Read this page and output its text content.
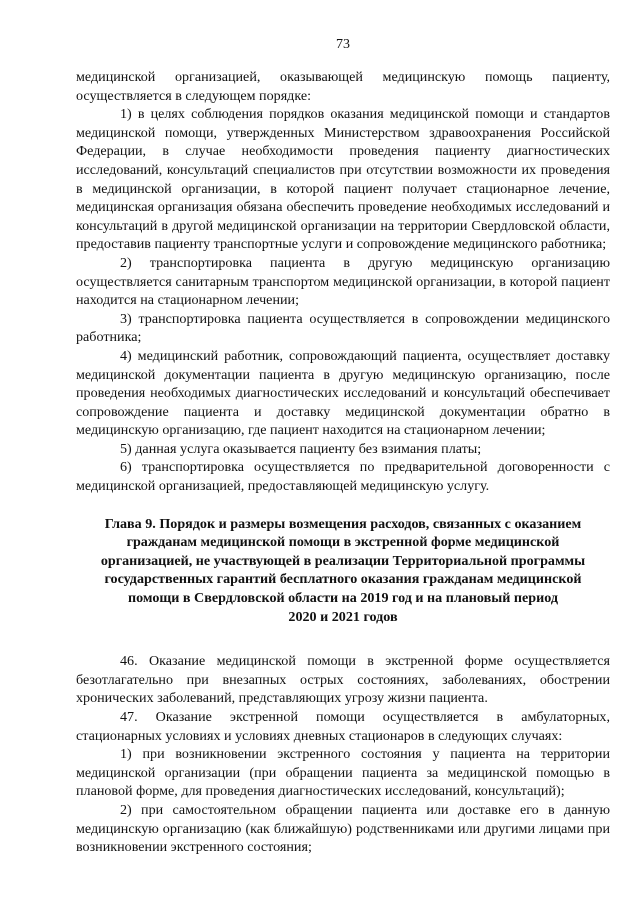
73

медицинской организацией, оказывающей медицинскую помощь пациенту, осуществляется в следующем порядке:

1) в целях соблюдения порядков оказания медицинской помощи и стандартов медицинской помощи, утвержденных Министерством здравоохранения Российской Федерации, в случае необходимости проведения пациенту диагностических исследований, консультаций специалистов при отсутствии возможности их проведения в медицинской организации, в которой пациент получает стационарное лечение, медицинская организация обязана обеспечить проведение необходимых исследований и консультаций в другой медицинской организации на территории Свердловской области, предоставив пациенту транспортные услуги и сопровождение медицинского работника;

2) транспортировка пациента в другую медицинскую организацию осуществляется санитарным транспортом медицинской организации, в которой пациент находится на стационарном лечении;

3) транспортировка пациента осуществляется в сопровождении медицинского работника;

4) медицинский работник, сопровождающий пациента, осуществляет доставку медицинской документации пациента в другую медицинскую организацию, после проведения необходимых диагностических исследований и консультаций обеспечивает сопровождение пациента и доставку медицинской документации обратно в медицинскую организацию, где пациент находится на стационарном лечении;

5) данная услуга оказывается пациенту без взимания платы;

6) транспортировка осуществляется по предварительной договоренности с медицинской организацией, предоставляющей медицинскую услугу.

Глава 9. Порядок и размеры возмещения расходов, связанных с оказанием
гражданам медицинской помощи в экстренной форме медицинской
организацией, не участвующей в реализации Территориальной программы
государственных гарантий бесплатного оказания гражданам медицинской
помощи в Свердловской области на 2019 год и на плановый период
2020 и 2021 годов

46. Оказание медицинской помощи в экстренной форме осуществляется безотлагательно при внезапных острых состояниях, заболеваниях, обострении хронических заболеваний, представляющих угрозу жизни пациента.

47. Оказание экстренной помощи осуществляется в амбулаторных, стационарных условиях и условиях дневных стационаров в следующих случаях:

1) при возникновении экстренного состояния у пациента на территории медицинской организации (при обращении пациента за медицинской помощью в плановой форме, для проведения диагностических исследований, консультаций);

2) при самостоятельном обращении пациента или доставке его в данную медицинскую организацию (как ближайшую) родственниками или другими лицами при возникновении экстренного состояния;
